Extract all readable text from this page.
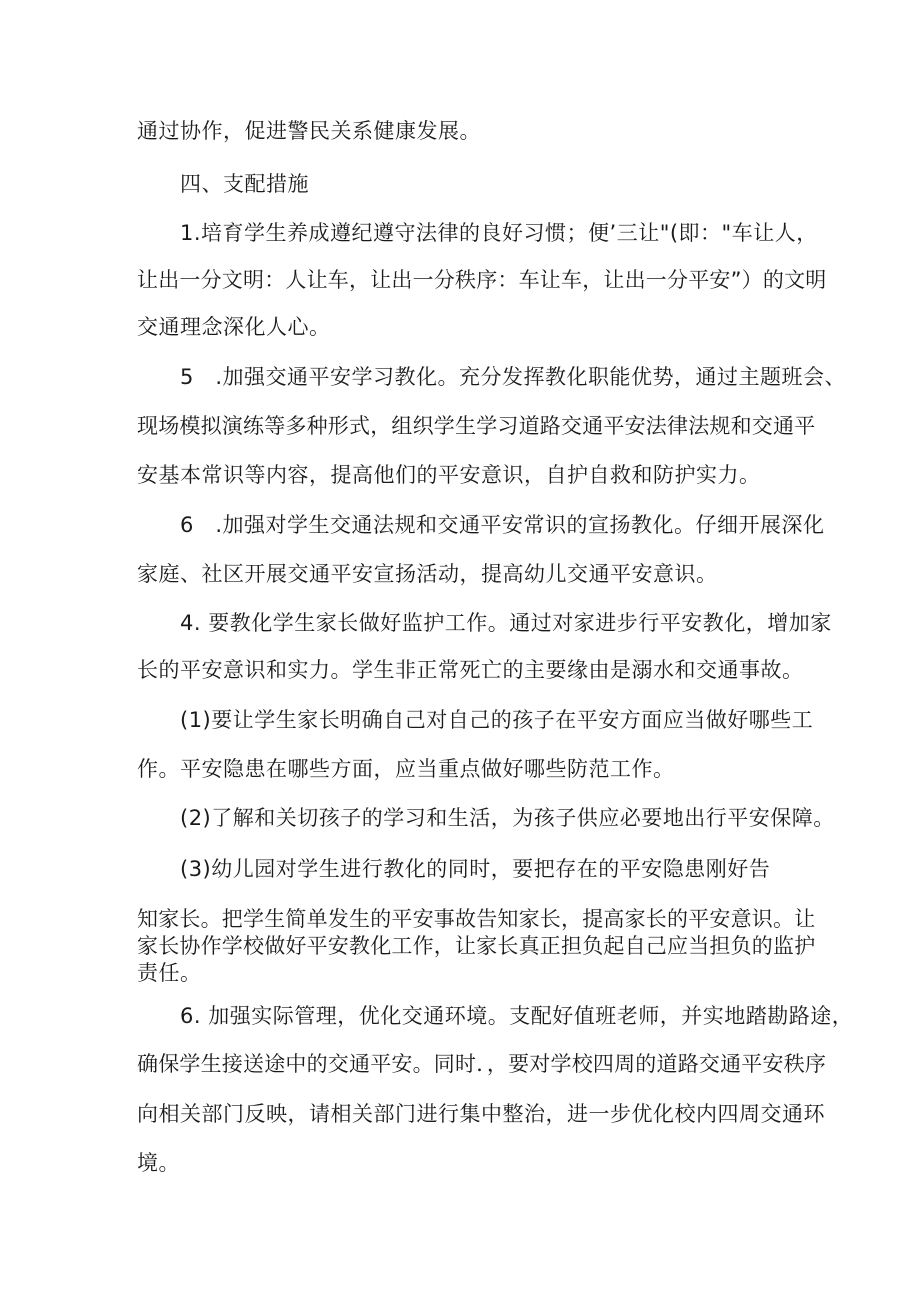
通过协作，促进警民关系健康发展。
四、支配措施
1.培育学生养成遵纪遵守法律的良好习惯；便’三让"(即："车让人，
让出一分文明：人让车，让出一分秩序：车让车，让出一分平安”）的文明
交通理念深化人心。
5　.加强交通平安学习教化。充分发挥教化职能优势，通过主题班会、
现场模拟演练等多种形式，组织学生学习道路交通平安法律法规和交通平
安基本常识等内容，提高他们的平安意识，自护自救和防护实力。
6　.加强对学生交通法规和交通平安常识的宣扬教化。仔细开展深化
家庭、社区开展交通平安宣扬活动，提高幼儿交通平安意识。
4. 要教化学生家长做好监护工作。通过对家进步行平安教化，增加家
长的平安意识和实力。学生非正常死亡的主要缘由是溺水和交通事故。
(1)要让学生家长明确自己对自己的孩子在平安方面应当做好哪些工
作。平安隐患在哪些方面，应当重点做好哪些防范工作。
(2)了解和关切孩子的学习和生活，为孩子供应必要地出行平安保障。
(3)幼儿园对学生进行教化的同时，要把存在的平安隐患刚好告
知家长。把学生简单发生的平安事故告知家长，提高家长的平安意识。让
家长协作学校做好平安教化工作，让家长真正担负起自己应当担负的监护
责任。
6. 加强实际管理，优化交通环境。支配好值班老师，并实地踏勘路途，
确保学生接送途中的交通平安。同时．，要对学校四周的道路交通平安秩序
向相关部门反映，请相关部门进行集中整治，进一步优化校内四周交通环
境。
